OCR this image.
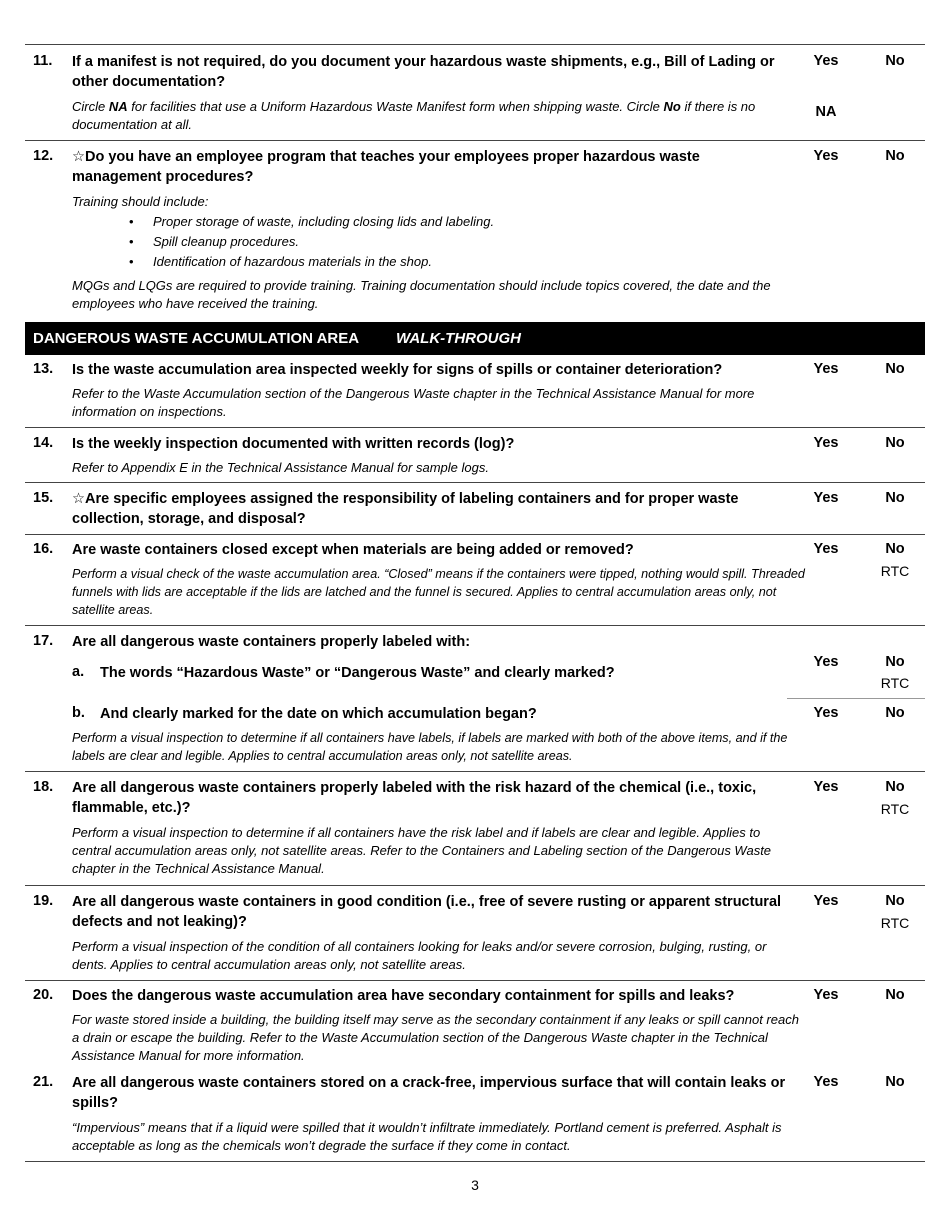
11. If a manifest is not required, do you document your hazardous waste shipments, e.g., Bill of Lading or other documentation?
Circle NA for facilities that use a Uniform Hazardous Waste Manifest form when shipping waste. Circle No if there is no documentation at all.
Yes	No
NA
12. ☆Do you have an employee program that teaches your employees proper hazardous waste management procedures?
Training should include:
• Proper storage of waste, including closing lids and labeling.
• Spill cleanup procedures.
• Identification of hazardous materials in the shop.
MQGs and LQGs are required to provide training. Training documentation should include topics covered, the date and the employees who have received the training.
Yes	No
DANGEROUS WASTE ACCUMULATION AREA WALK-THROUGH
13. Is the waste accumulation area inspected weekly for signs of spills or container deterioration?
Refer to the Waste Accumulation section of the Dangerous Waste chapter in the Technical Assistance Manual for more information on inspections.
Yes	No
14. Is the weekly inspection documented with written records (log)?
Refer to Appendix E in the Technical Assistance Manual for sample logs.
Yes	No
15. ☆Are specific employees assigned the responsibility of labeling containers and for proper waste collection, storage, and disposal?
Yes	No
16. Are waste containers closed except when materials are being added or removed?
Perform a visual check of the waste accumulation area. “Closed” means if the containers were tipped, nothing would spill. Threaded funnels with lids are acceptable if the lids are latched and the funnel is secured. Applies to central accumulation areas only, not satellite areas.
Yes	No
RTC
17. Are all dangerous waste containers properly labeled with:
a. The words “Hazardous Waste” or “Dangerous Waste” and clearly marked?
Yes	No
RTC
b. And clearly marked for the date on which accumulation began?	Yes	No
Perform a visual inspection to determine if all containers have labels, if labels are marked with both of the above items, and if the labels are clear and legible. Applies to central accumulation areas only, not satellite areas.
18. Are all dangerous waste containers properly labeled with the risk hazard of the chemical (i.e., toxic, flammable, etc.)?
Perform a visual inspection to determine if all containers have the risk label and if labels are clear and legible. Applies to central accumulation areas only, not satellite areas. Refer to the Containers and Labeling section of the Dangerous Waste chapter in the Technical Assistance Manual.
Yes	No
RTC
19. Are all dangerous waste containers in good condition (i.e., free of severe rusting or apparent structural defects and not leaking)?
Perform a visual inspection of the condition of all containers looking for leaks and/or severe corrosion, bulging, rusting, or dents. Applies to central accumulation areas only, not satellite areas.
Yes	No
RTC
20. Does the dangerous waste accumulation area have secondary containment for spills and leaks?
For waste stored inside a building, the building itself may serve as the secondary containment if any leaks or spill cannot reach a drain or escape the building. Refer to the Waste Accumulation section of the Dangerous Waste chapter in the Technical Assistance Manual for more information.
Yes	No
21. Are all dangerous waste containers stored on a crack-free, impervious surface that will contain leaks or spills?
“Impervious” means that if a liquid were spilled that it wouldn’t infiltrate immediately. Portland cement is preferred. Asphalt is acceptable as long as the chemicals won’t degrade the surface if they come in contact.
Yes	No
3
